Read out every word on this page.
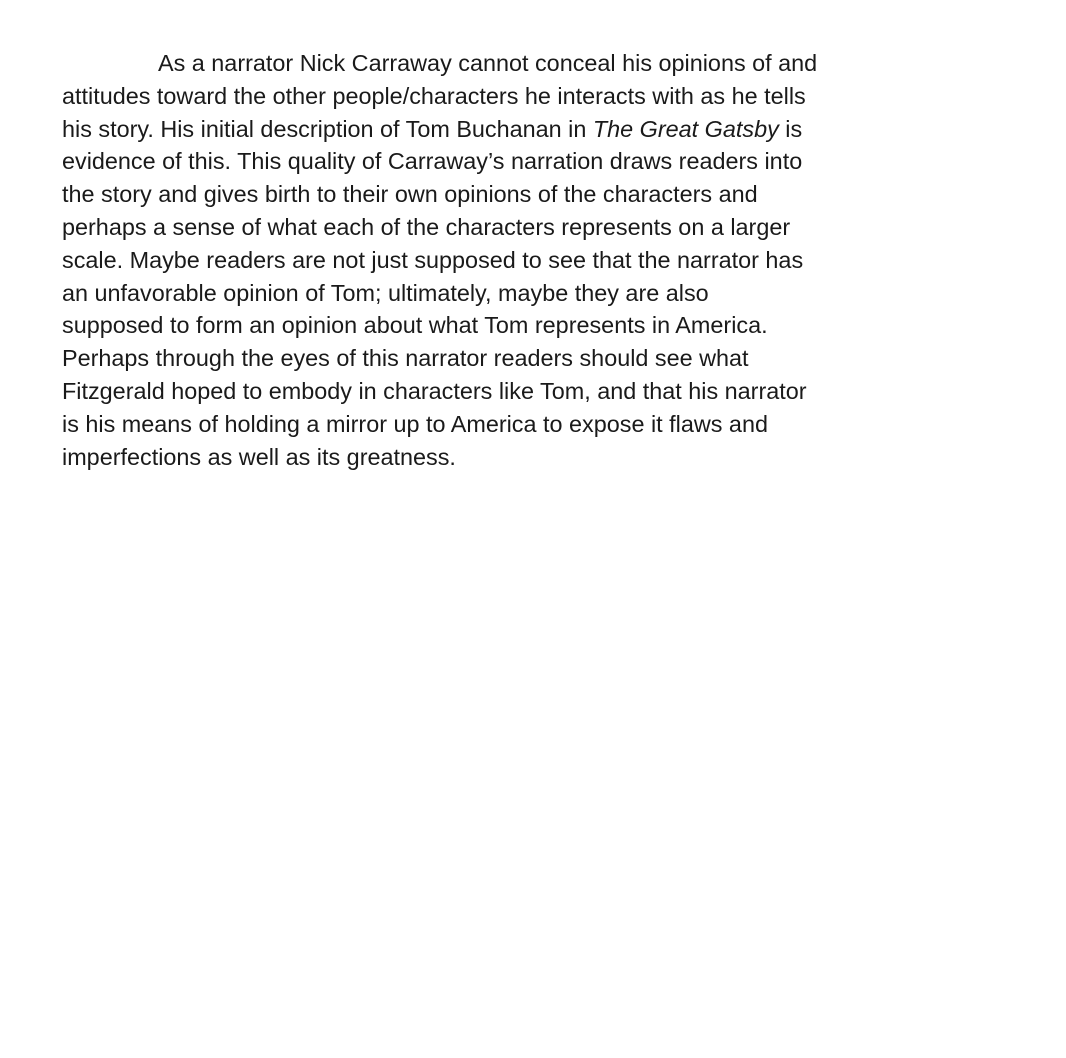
As a narrator Nick Carraway cannot conceal his opinions of and
attitudes toward the other people/characters he interacts with as he tells
his story. His initial description of Tom Buchanan in The Great Gatsby is
evidence of this. This quality of Carraway’s narration draws readers into
the story and gives birth to their own opinions of the characters and
perhaps a sense of what each of the characters represents on a larger
scale. Maybe readers are not just supposed to see that the narrator has
an unfavorable opinion of Tom; ultimately, maybe they are also
supposed to form an opinion about what Tom represents in America.
Perhaps through the eyes of this narrator readers should see what
Fitzgerald hoped to embody in characters like Tom, and that his narrator
is his means of holding a mirror up to America to expose it flaws and
imperfections as well as its greatness.
